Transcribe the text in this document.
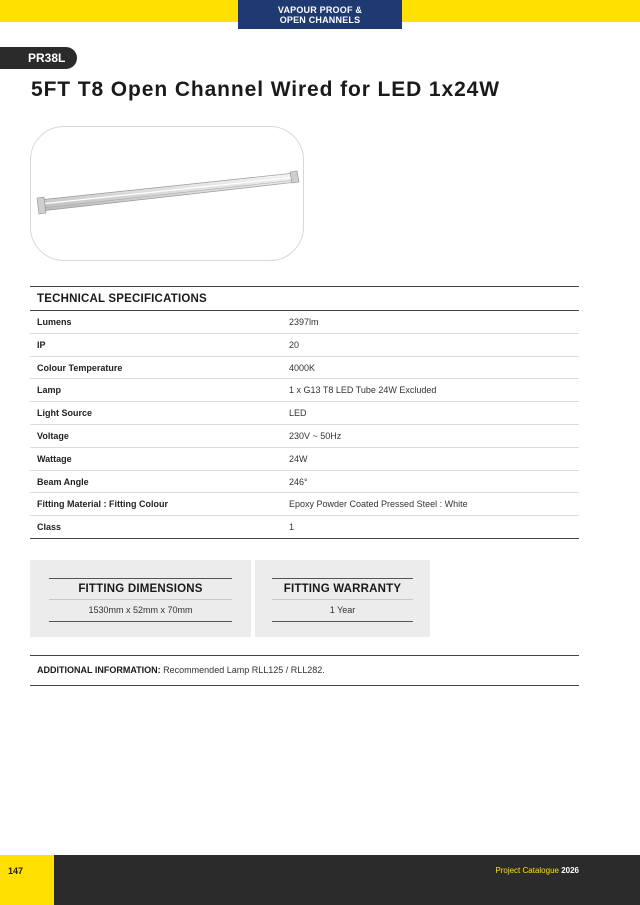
VAPOUR PROOF &
OPEN CHANNELS
PR38L
5FT T8 Open Channel Wired for LED 1x24W
TECHNICAL SPECIFICATIONS
Lumens	2397lm
IP	20
Colour Temperature	4000K
Lamp	1 x G13 T8 LED Tube 24W Excluded
Light Source	LED
Voltage	230V ~ 50Hz
Wattage	24W
Beam Angle	246°
Fitting Material : Fitting Colour	Epoxy Powder Coated Pressed Steel : White
Class	1
FITTING DIMENSIONS
1530mm x 52mm x 70mm
FITTING WARRANTY
1 Year
ADDITIONAL INFORMATION: Recommended Lamp RLL125 / RLL282.
147	Project Catalogue 2026
